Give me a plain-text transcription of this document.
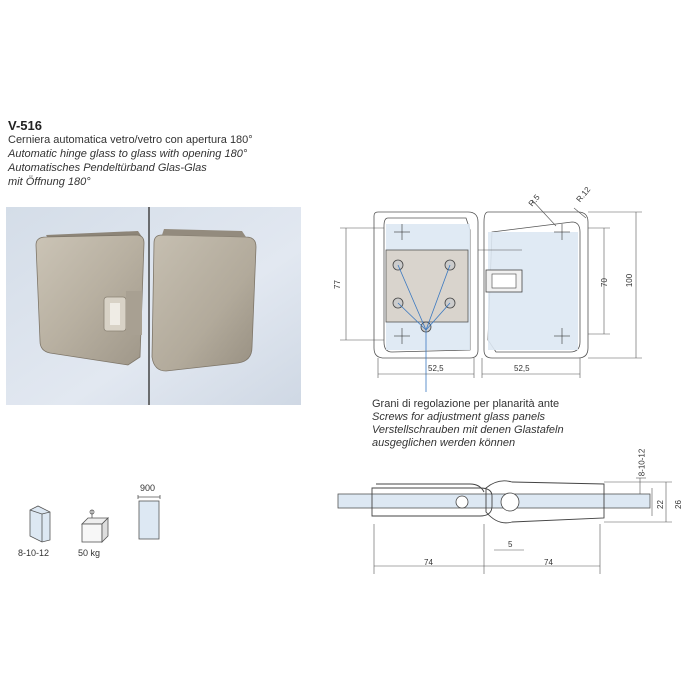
V-516
Cerniera automatica vetro/vetro con apertura 180°
Automatic hinge glass to glass with opening 180°
Automatisches Pendeltürband Glas-Glas
mit Öffnung 180°
R.5	R.12
77	70 100
52,5	52,5
8-10-12
22 26
5
74	74
Grani di regolazione per planarità ante
Screws for adjustment glass panels
Verstellschrauben mit denen Glastafeln
ausgeglichen werden können
8-10-12	50 kg
900
